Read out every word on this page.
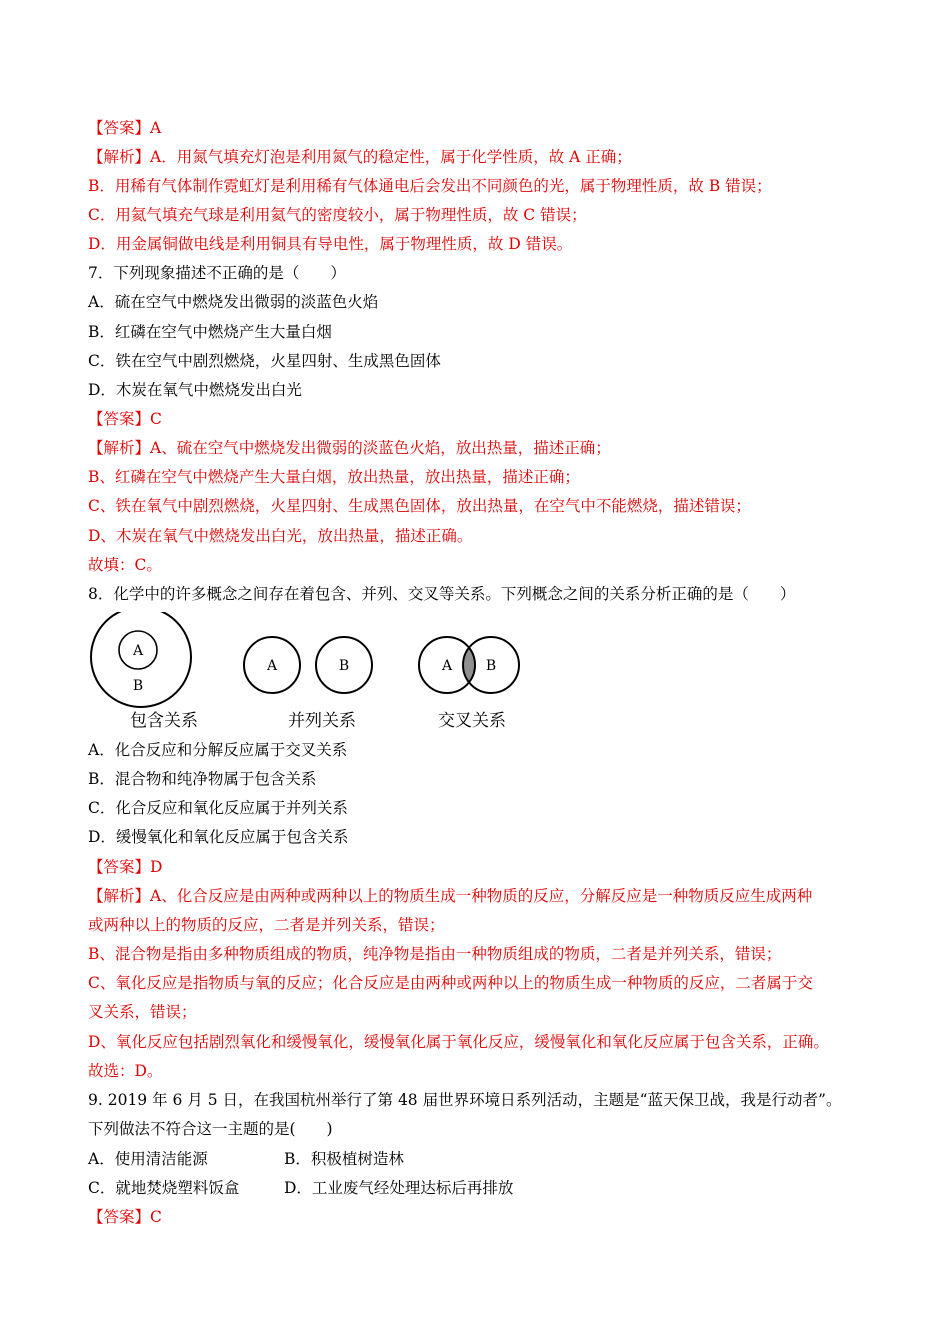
【答案】A
【解析】A．用氮气填充灯泡是利用氮气的稳定性，属于化学性质，故 A 正确；
B．用稀有气体制作霓虹灯是利用稀有气体通电后会发出不同颜色的光，属于物理性质，故 B 错误；
C．用氦气填充气球是利用氦气的密度较小，属于物理性质，故 C 错误；
D．用金属铜做电线是利用铜具有导电性，属于物理性质，故 D 错误。
7．下列现象描述不正确的是（　　）
A．硫在空气中燃烧发出微弱的淡蓝色火焰
B．红磷在空气中燃烧产生大量白烟
C．铁在空气中剧烈燃烧，火星四射、生成黑色固体
D．木炭在氧气中燃烧发出白光
【答案】C
【解析】A、硫在空气中燃烧发出微弱的淡蓝色火焰，放出热量，描述正确；
B、红磷在空气中燃烧产生大量白烟，放出热量，放出热量，描述正确；
C、铁在氧气中剧烈燃烧，火星四射、生成黑色固体，放出热量，在空气中不能燃烧，描述错误；
D、木炭在氧气中燃烧发出白光，放出热量，描述正确。
故填：C。
8．化学中的许多概念之间存在着包含、并列、交叉等关系。下列概念之间的关系分析正确的是（　　）
A
B
A	B	A B
包含关系	并列关系	交叉关系
A．化合反应和分解反应属于交叉关系
B．混合物和纯净物属于包含关系
C．化合反应和氧化反应属于并列关系
D．缓慢氧化和氧化反应属于包含关系
【答案】D
【解析】A、化合反应是由两种或两种以上的物质生成一种物质的反应，分解反应是一种物质反应生成两种
或两种以上的物质的反应，二者是并列关系，错误；
B、混合物是指由多种物质组成的物质，纯净物是指由一种物质组成的物质，二者是并列关系，错误；
C、氧化反应是指物质与氧的反应；化合反应是由两种或两种以上的物质生成一种物质的反应，二者属于交
叉关系，错误；
D、氧化反应包括剧烈氧化和缓慢氧化，缓慢氧化属于氧化反应，缓慢氧化和氧化反应属于包含关系，正确。
故选：D。
9. 2019 年 6 月 5 日，在我国杭州举行了第 48 届世界环境日系列活动，主题是“蓝天保卫战，我是行动者”。
下列做法不符合这一主题的是(　　)
A．使用清洁能源	B．积极植树造林
C．就地焚烧塑料饭盒	D．工业废气经处理达标后再排放
【答案】C
